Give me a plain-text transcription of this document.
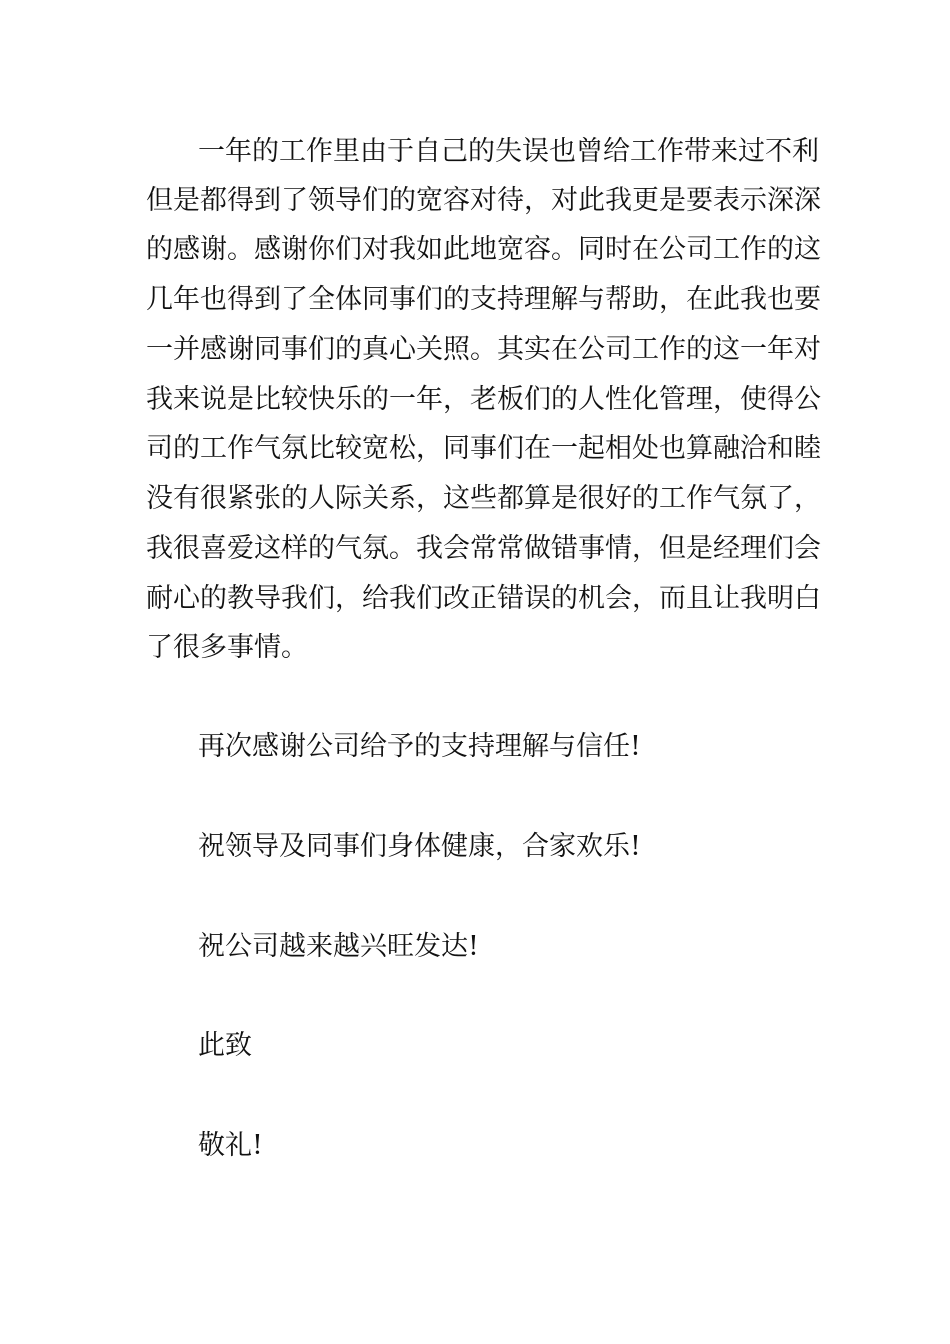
一年的工作里由于自己的失误也曾给工作带来过不利
但是都得到了领导们的宽容对待，对此我更是要表示深深
的感谢。感谢你们对我如此地宽容。同时在公司工作的这
几年也得到了全体同事们的支持理解与帮助，在此我也要
一并感谢同事们的真心关照。其实在公司工作的这一年对
我来说是比较快乐的一年，老板们的人性化管理，使得公
司的工作气氛比较宽松，同事们在一起相处也算融洽和睦
没有很紧张的人际关系，这些都算是很好的工作气氛了，
我很喜爱这样的气氛。我会常常做错事情，但是经理们会
耐心的教导我们，给我们改正错误的机会，而且让我明白
了很多事情。
再次感谢公司给予的支持理解与信任!
祝领导及同事们身体健康，合家欢乐!
祝公司越来越兴旺发达!
此致
敬礼!
